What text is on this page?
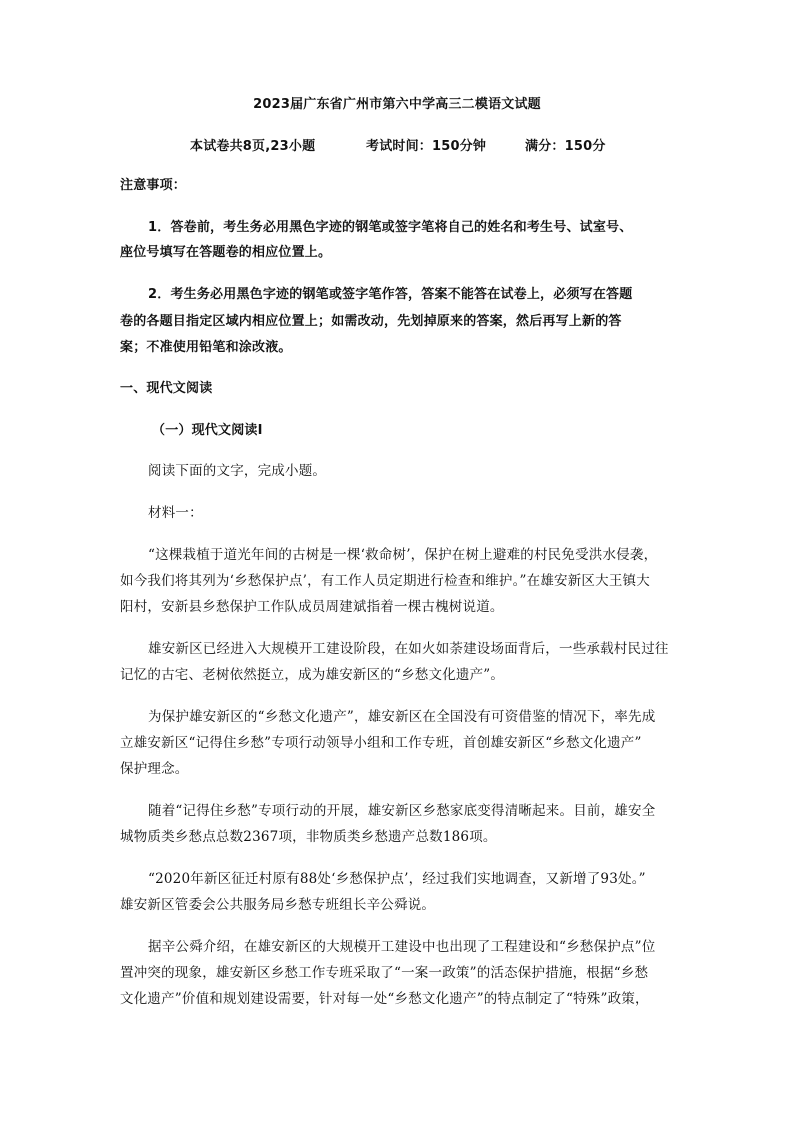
2023届广东省广州市第六中学高三二模语文试题
本试卷共8页,23小题	考试时间：150分钟	满分：150分
注意事项：
1．答卷前，考生务必用黑色字迹的钢笔或签字笔将自己的姓名和考生号、试室号、
座位号填写在答题卷的相应位置上。
2．考生务必用黑色字迹的钢笔或签字笔作答，答案不能答在试卷上，必须写在答题
卷的各题目指定区域内相应位置上；如需改动，先划掉原来的答案，然后再写上新的答
案；不准使用铅笔和涂改液。
一、现代文阅读
（一）现代文阅读Ⅰ
阅读下面的文字，完成小题。
材料一：
“这棵栽植于道光年间的古树是一棵‘救命树’，保护在树上避难的村民免受洪水侵袭，
如今我们将其列为‘乡愁保护点’，有工作人员定期进行检查和维护。”在雄安新区大王镇大
阳村，安新县乡愁保护工作队成员周建斌指着一棵古槐树说道。
雄安新区已经进入大规模开工建设阶段，在如火如荼建设场面背后，一些承载村民过往
记忆的古宅、老树依然挺立，成为雄安新区的“乡愁文化遗产”。
为保护雄安新区的“乡愁文化遗产”，雄安新区在全国没有可资借鉴的情况下，率先成
立雄安新区“记得住乡愁”专项行动领导小组和工作专班，首创雄安新区“乡愁文化遗产”
保护理念。
随着“记得住乡愁”专项行动的开展，雄安新区乡愁家底变得清晰起来。目前，雄安全
城物质类乡愁点总数2367项，非物质类乡愁遗产总数186项。
“2020年新区征迁村原有88处‘乡愁保护点’，经过我们实地调查，又新增了93处。”
雄安新区管委会公共服务局乡愁专班组长辛公舜说。
据辛公舜介绍，在雄安新区的大规模开工建设中也出现了工程建设和“乡愁保护点”位
置冲突的现象，雄安新区乡愁工作专班采取了“一案一政策”的活态保护措施，根据“乡愁
文化遗产”价值和规划建设需要，针对每一处“乡愁文化遗产”的特点制定了“特殊”政策，
